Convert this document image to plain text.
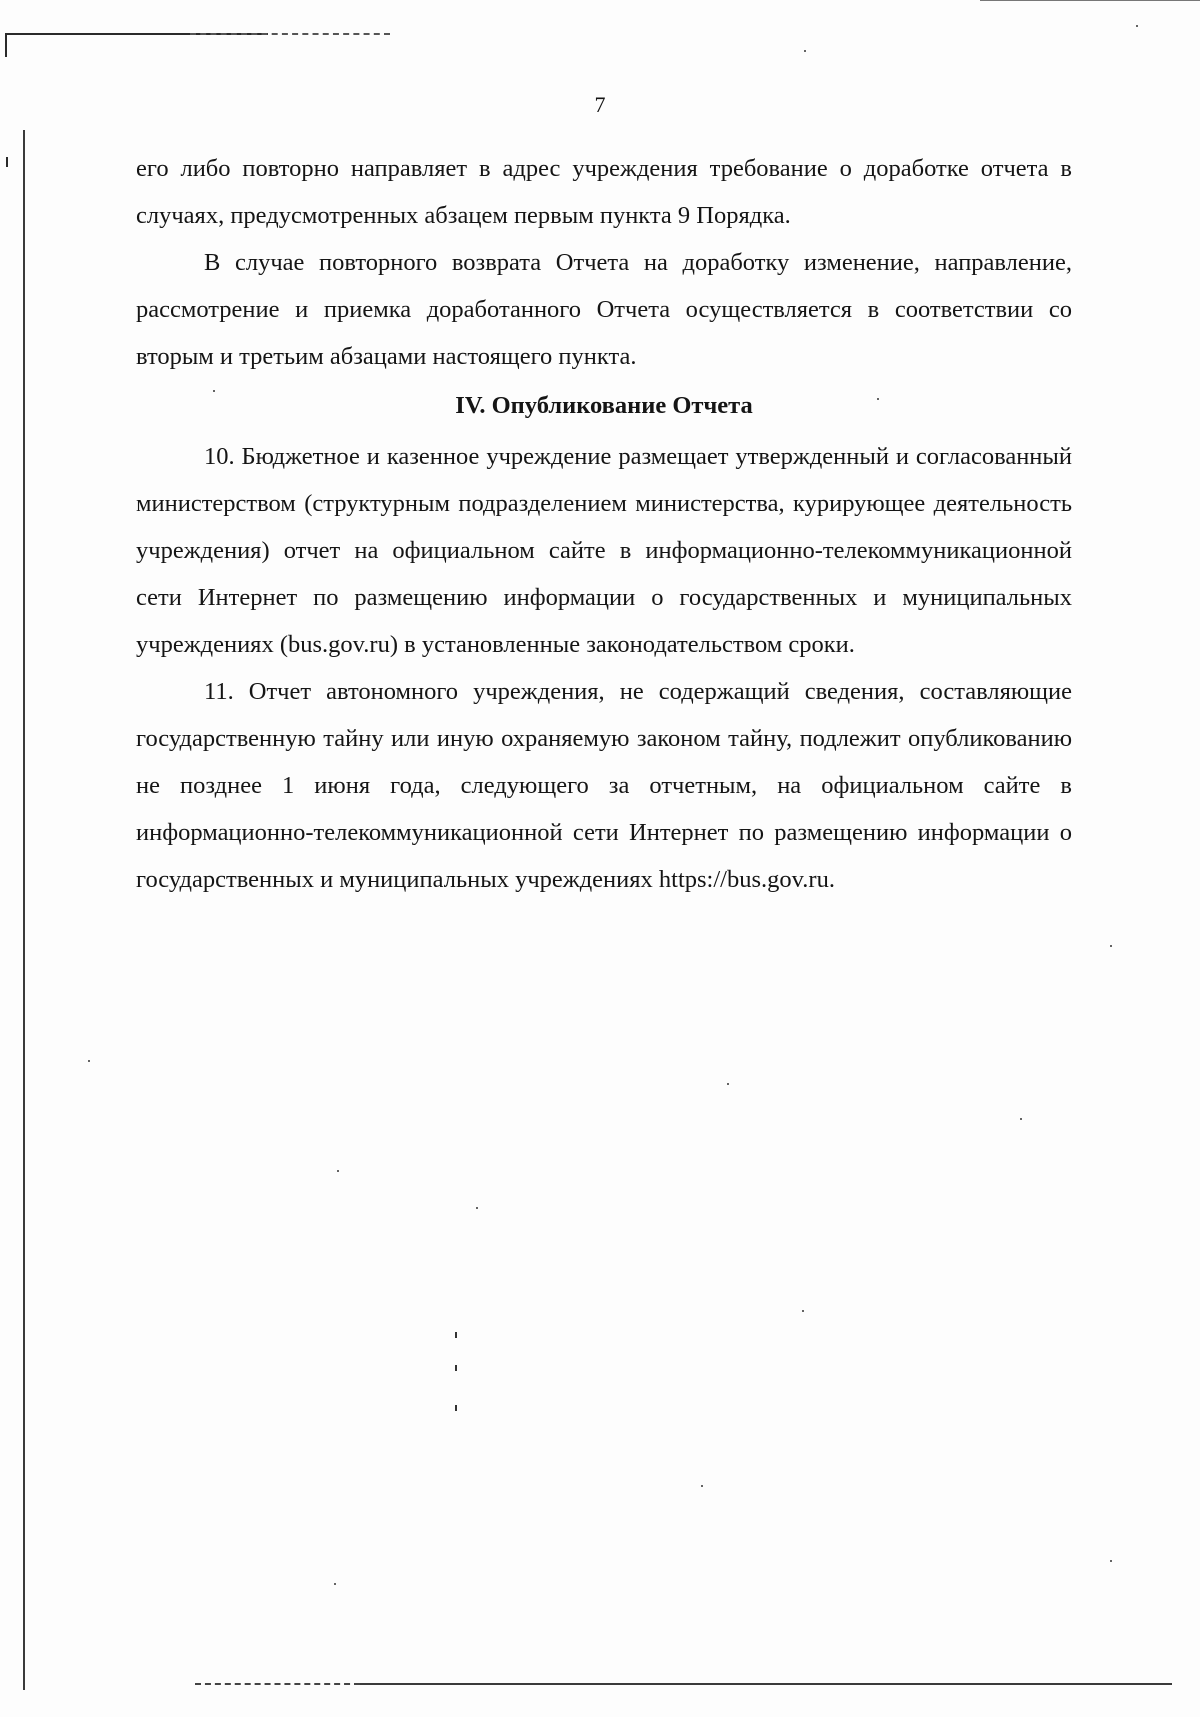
7

его либо повторно направляет в адрес учреждения требование о доработке отчета в случаях, предусмотренных абзацем первым пункта 9 Порядка.

В случае повторного возврата Отчета на доработку изменение, направление, рассмотрение и приемка доработанного Отчета осуществляется в соответствии со вторым и третьим абзацами настоящего пункта.

IV. Опубликование Отчета

10. Бюджетное и казенное учреждение размещает утвержденный и согласованный министерством (структурным подразделением министерства, курирующее деятельность учреждения) отчет на официальном сайте в информационно-телекоммуникационной сети Интернет по размещению информации о государственных и муниципальных учреждениях (bus.gov.ru) в установленные законодательством сроки.

11. Отчет автономного учреждения, не содержащий сведения, составляющие государственную тайну или иную охраняемую законом тайну, подлежит опубликованию не позднее 1 июня года, следующего за отчетным, на официальном сайте в информационно-телекоммуникационной сети Интернет по размещению информации о государственных и муниципальных учреждениях https://bus.gov.ru.
